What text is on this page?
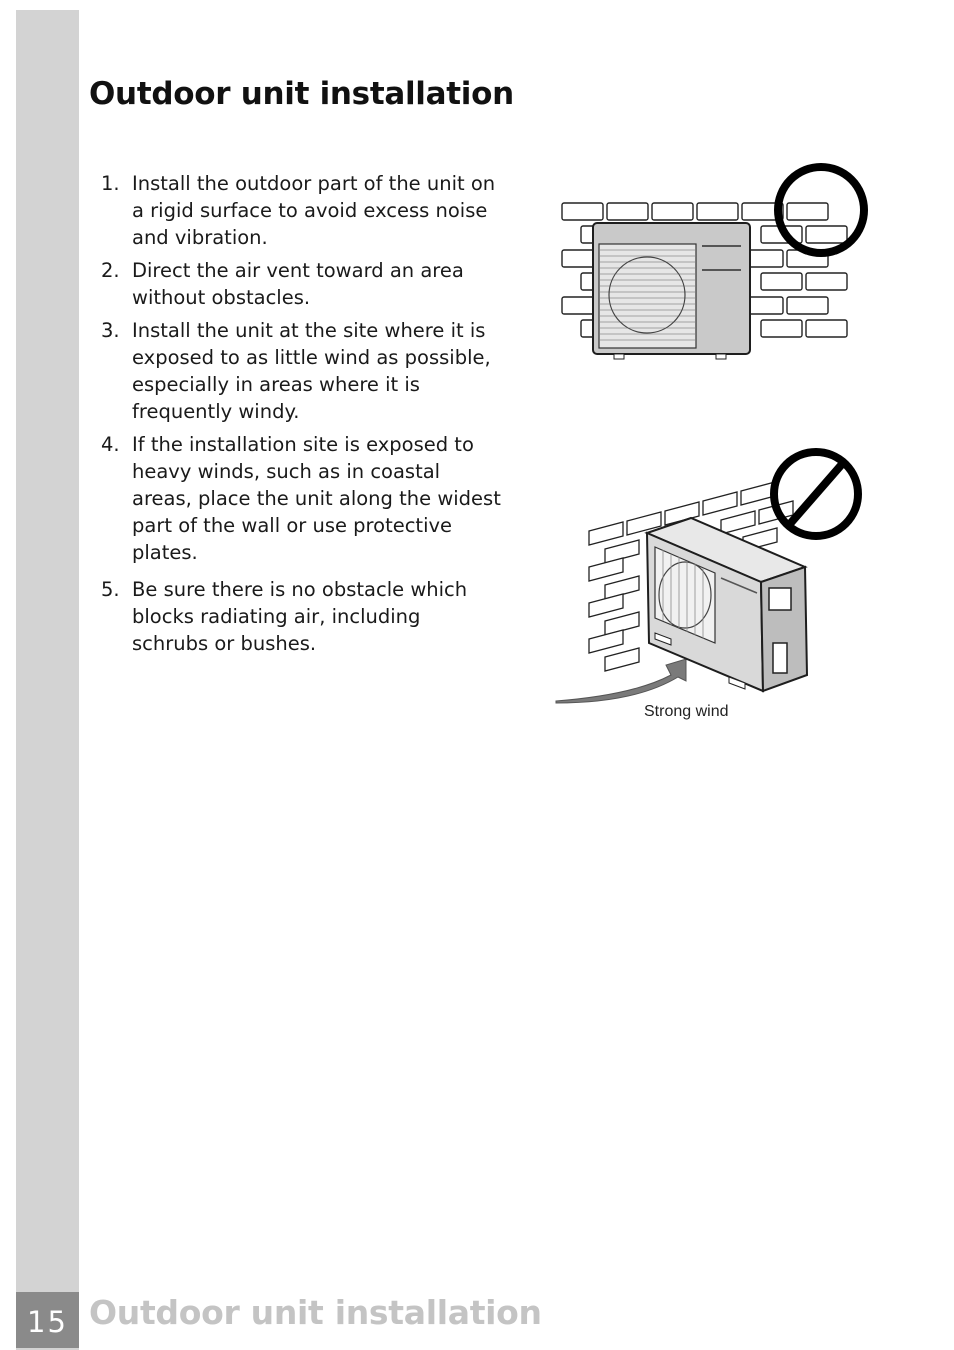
15
Outdoor unit installation
1. Install the outdoor part of the unit on a rigid surface to avoid excess noise and vibration.
2. Direct the air vent toward an area without obstacles.
3. Install the unit at the site where it is exposed to as little wind as possible, especially in areas where it is frequently windy.
4. If the installation site is exposed to heavy winds, such as in coastal areas, place the unit along the widest part of the wall or use protective plates.
5. Be sure there is no obstacle which blocks radiating air, including schrubs or bushes.
Strong wind
Outdoor unit installation
